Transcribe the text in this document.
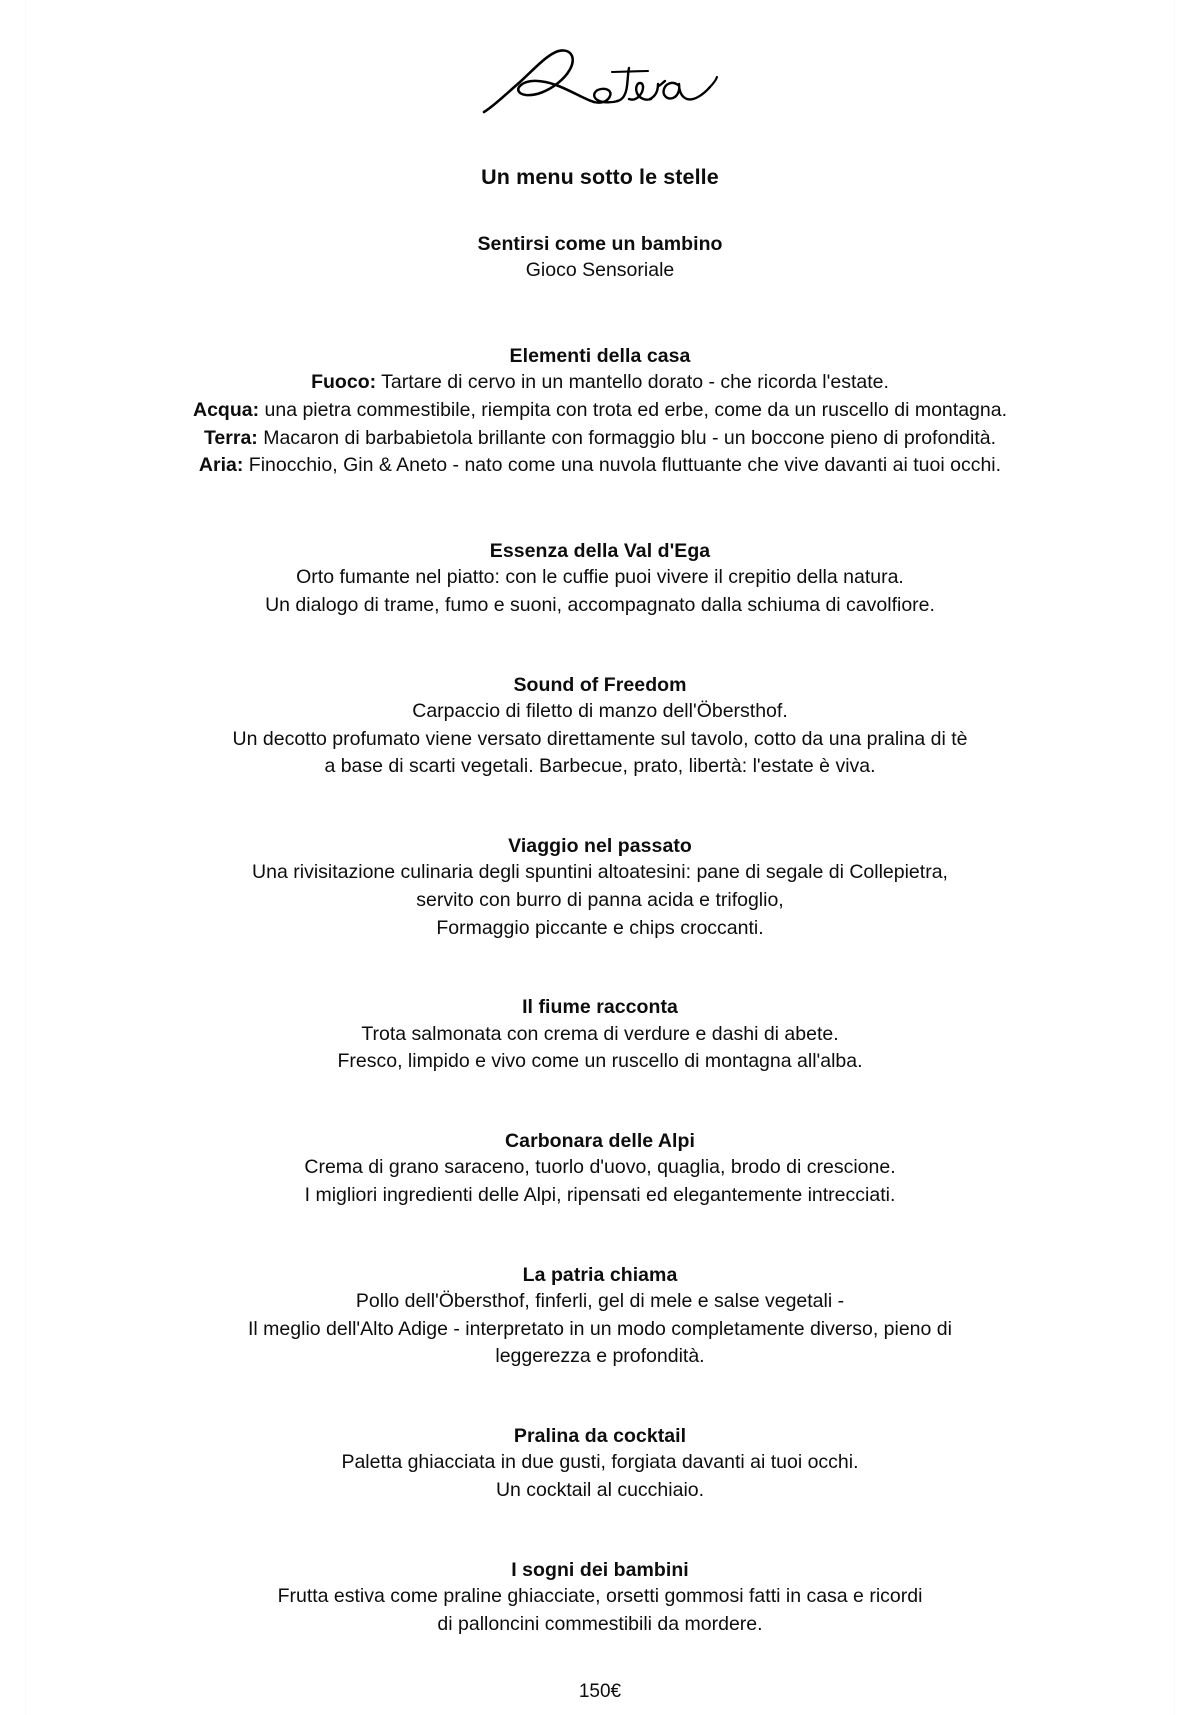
Un menu sotto le stelle
Sentirsi come un bambino
Gioco Sensoriale
Elementi della casa
Fuoco: Tartare di cervo in un mantello dorato - che ricorda l'estate.
Acqua: una pietra commestibile, riempita con trota ed erbe, come da un ruscello di montagna.
Terra: Macaron di barbabietola brillante con formaggio blu - un boccone pieno di profondità.
Aria: Finocchio, Gin & Aneto - nato come una nuvola fluttuante che vive davanti ai tuoi occhi.
Essenza della Val d'Ega
Orto fumante nel piatto: con le cuffie puoi vivere il crepitio della natura.
Un dialogo di trame, fumo e suoni, accompagnato dalla schiuma di cavolfiore.
Sound of Freedom
Carpaccio di filetto di manzo dell'Öbersthof.
Un decotto profumato viene versato direttamente sul tavolo, cotto da una pralina di tè
a base di scarti vegetali. Barbecue, prato, libertà: l'estate è viva.
Viaggio nel passato
Una rivisitazione culinaria degli spuntini altoatesini: pane di segale di Collepietra,
servito con burro di panna acida e trifoglio,
Formaggio piccante e chips croccanti.
Il fiume racconta
Trota salmonata con crema di verdure e dashi di abete.
Fresco, limpido e vivo come un ruscello di montagna all'alba.
Carbonara delle Alpi
Crema di grano saraceno, tuorlo d'uovo, quaglia, brodo di crescione.
I migliori ingredienti delle Alpi, ripensati ed elegantemente intrecciati.
La patria chiama
Pollo dell'Öbersthof, finferli, gel di mele e salse vegetali -
Il meglio dell'Alto Adige - interpretato in un modo completamente diverso, pieno di
leggerezza e profondità.
Pralina da cocktail
Paletta ghiacciata in due gusti, forgiata davanti ai tuoi occhi.
Un cocktail al cucchiaio.
I sogni dei bambini
Frutta estiva come praline ghiacciate, orsetti gommosi fatti in casa e ricordi
di palloncini commestibili da mordere.
150€
